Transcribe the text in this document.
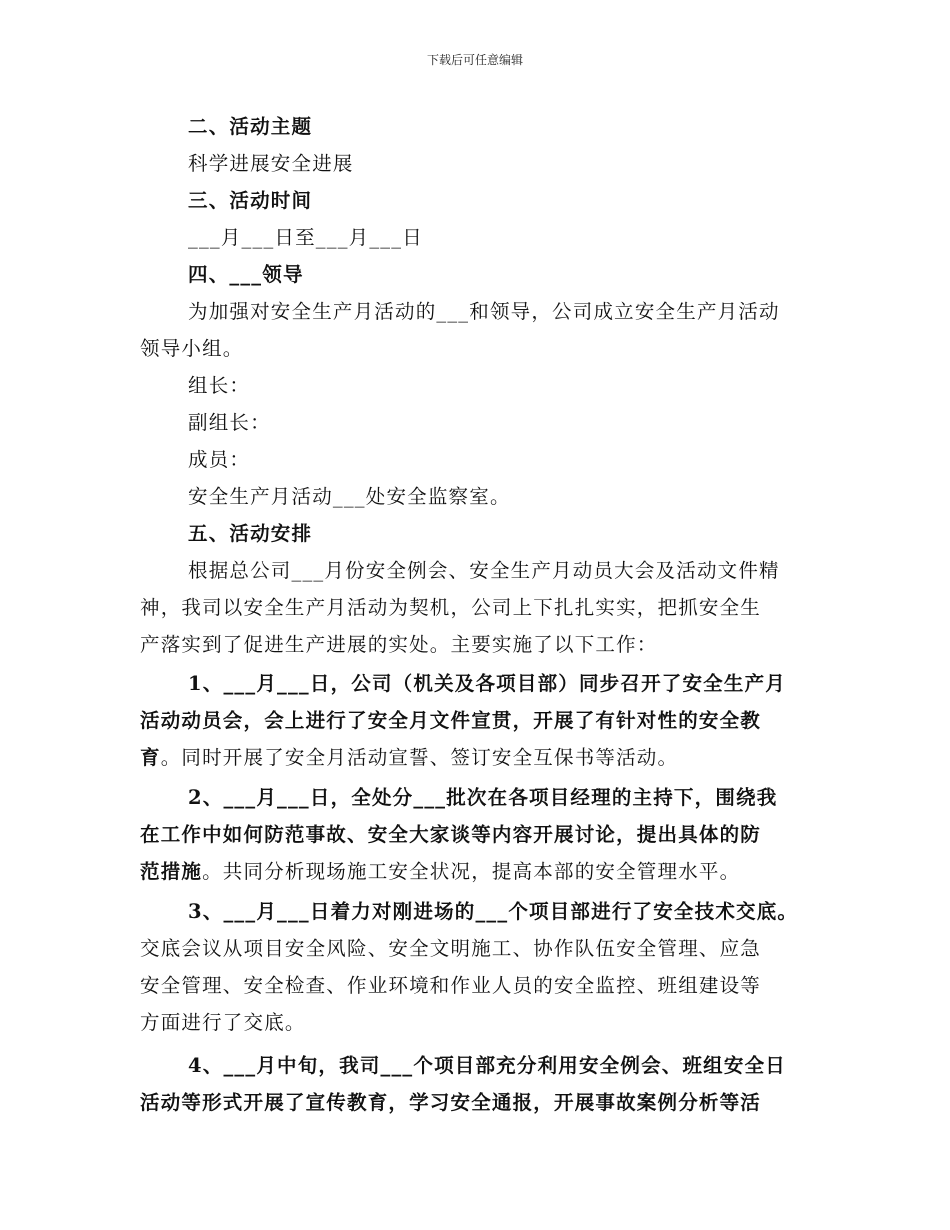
下载后可任意编辑
二、活动主题
科学进展安全进展
三、活动时间
___月___日至___月___日
四、___领导
为加强对安全生产月活动的___和领导，公司成立安全生产月活动
领导小组。
组长：
副组长：
成员：
安全生产月活动___处安全监察室。
五、活动安排
根据总公司___月份安全例会、安全生产月动员大会及活动文件精
神，我司以安全生产月活动为契机，公司上下扎扎实实，把抓安全生
产落实到了促进生产进展的实处。主要实施了以下工作：
1、___月___日，公司（机关及各项目部）同步召开了安全生产月
活动动员会，会上进行了安全月文件宣贯，开展了有针对性的安全教
育。同时开展了安全月活动宣誓、签订安全互保书等活动。
2、___月___日，全处分___批次在各项目经理的主持下，围绕我
在工作中如何防范事故、安全大家谈等内容开展讨论，提出具体的防
范措施。共同分析现场施工安全状况，提高本部的安全管理水平。
3、___月___日着力对刚进场的___个项目部进行了安全技术交底。
交底会议从项目安全风险、安全文明施工、协作队伍安全管理、应急
安全管理、安全检查、作业环境和作业人员的安全监控、班组建设等
方面进行了交底。
4、___月中旬，我司___个项目部充分利用安全例会、班组安全日
活动等形式开展了宣传教育，学习安全通报，开展事故案例分析等活
